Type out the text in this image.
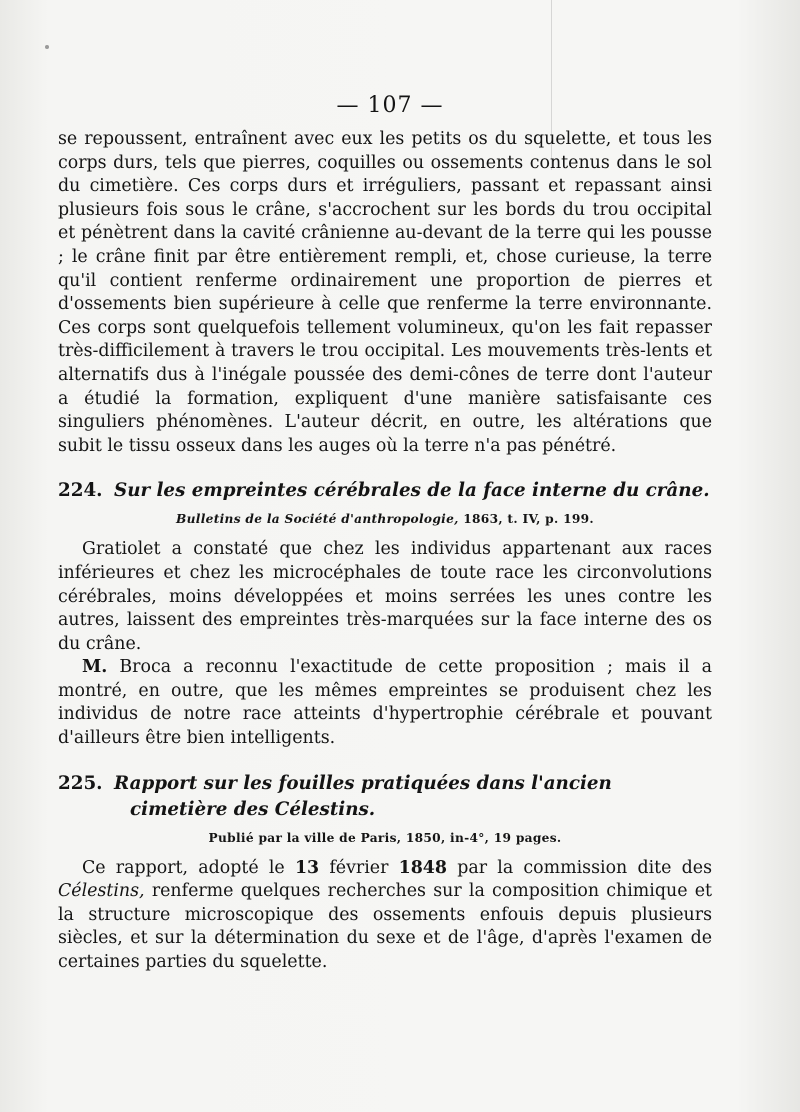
— 107 —

se repoussent, entraînent avec eux les petits os du squelette, et tous les corps durs, tels que pierres, coquilles ou ossements contenus dans le sol du cimetière. Ces corps durs et irréguliers, passant et repassant ainsi plusieurs fois sous le crâne, s'accrochent sur les bords du trou occipital et pénètrent dans la cavité crânienne au-devant de la terre qui les pousse ; le crâne finit par être entièrement rempli, et, chose curieuse, la terre qu'il contient renferme ordinairement une proportion de pierres et d'ossements bien supérieure à celle que renferme la terre environnante. Ces corps sont quelquefois tellement volumineux, qu'on les fait repasser très-difficilement à travers le trou occipital. Les mouvements très-lents et alternatifs dus à l'inégale poussée des demi-cônes de terre dont l'auteur a étudié la formation, expliquent d'une manière satisfaisante ces singuliers phénomènes. L'auteur décrit, en outre, les altérations que subit le tissu osseux dans les auges où la terre n'a pas pénétré.

224. Sur les empreintes cérébrales de la face interne du crâne.
Bulletins de la Société d'anthropologie, 1863, t. IV, p. 199.

Gratiolet a constaté que chez les individus appartenant aux races inférieures et chez les microcéphales de toute race les circonvolutions cérébrales, moins développées et moins serrées les unes contre les autres, laissent des empreintes très-marquées sur la face interne des os du crâne.

M. Broca a reconnu l'exactitude de cette proposition ; mais il a montré, en outre, que les mêmes empreintes se produisent chez les individus de notre race atteints d'hypertrophie cérébrale et pouvant d'ailleurs être bien intelligents.

225. Rapport sur les fouilles pratiquées dans l'ancien cimetière des Célestins.
Publié par la ville de Paris, 1850, in-4°, 19 pages.

Ce rapport, adopté le 13 février 1848 par la commission dite des Célestins, renferme quelques recherches sur la composition chimique et la structure microscopique des ossements enfouis depuis plusieurs siècles, et sur la détermination du sexe et de l'âge, d'après l'examen de certaines parties du squelette.
